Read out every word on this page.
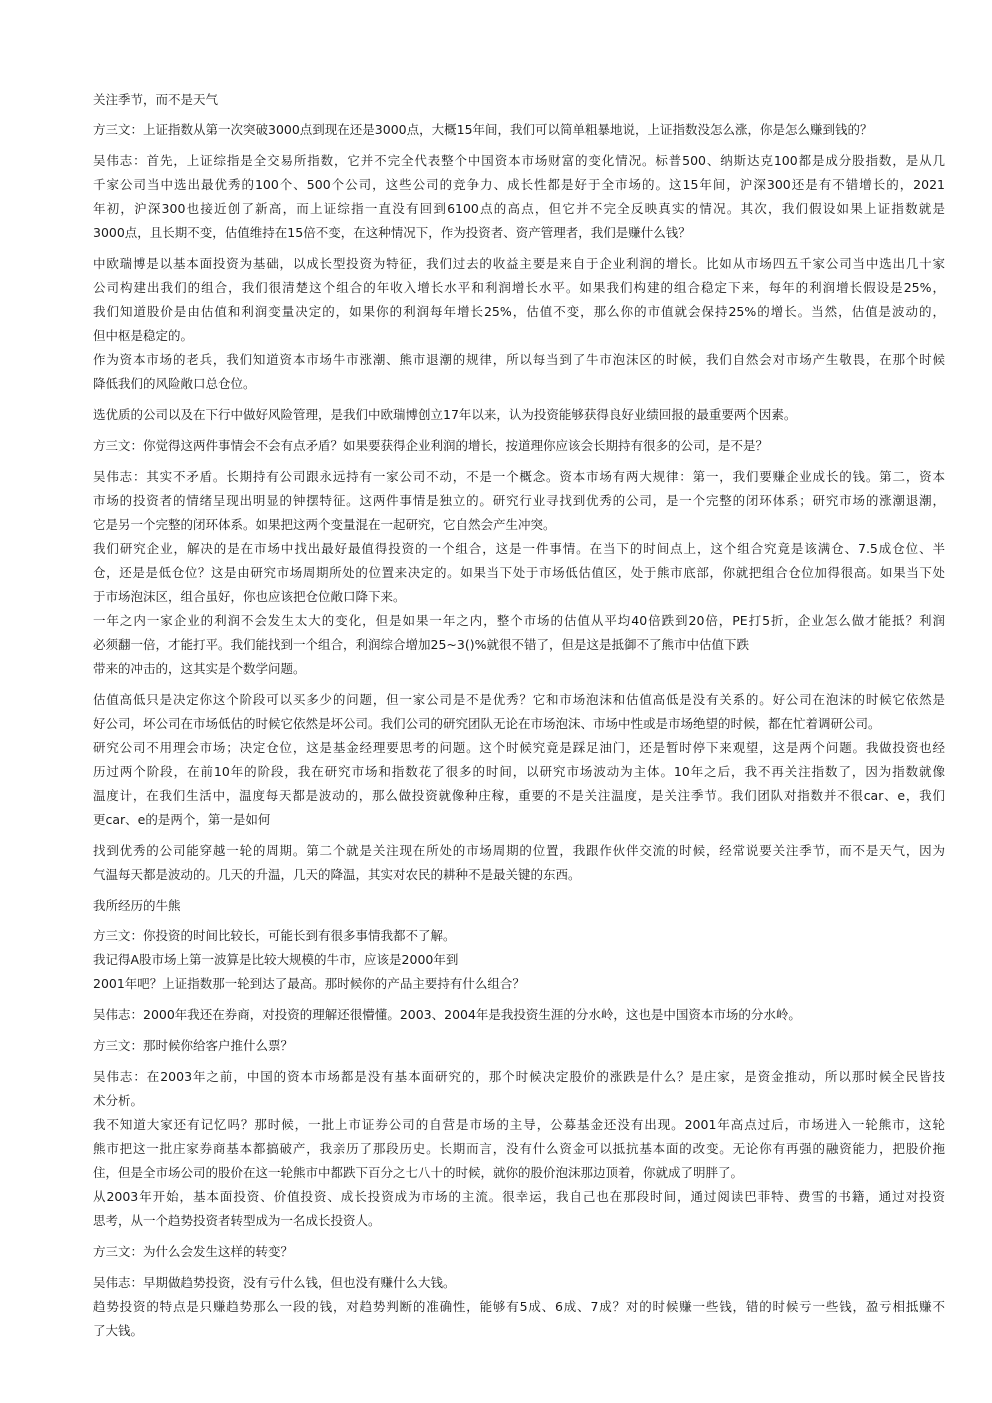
关注季节，而不是天气
方三文：上证指数从第一次突破3000点到现在还是3000点，大概15年间，我们可以简单粗暴地说，上证指数没怎么涨，你是怎么赚到钱的？
吴伟志：首先，上证综指是全交易所指数，它并不完全代表整个中国资本市场财富的变化情况。标普500、纳斯达克100都是成分股指数，是从几
千家公司当中选出最优秀的100个、500个公司，这些公司的竞争力、成长性都是好于全市场的。这15年间，沪深300还是有不错增长的，2021
年初，沪深300也接近创了新高，而上证综指一直没有回到6100点的高点，但它并不完全反映真实的情况。其次，我们假设如果上证指数就是
3000点，且长期不变，估值维持在15倍不变，在这种情况下，作为投资者、资产管理者，我们是赚什么钱？
中欧瑞博是以基本面投资为基础，以成长型投资为特征，我们过去的收益主要是来自于企业利润的增长。比如从市场四五千家公司当中选出几十家
公司构建出我们的组合，我们很清楚这个组合的年收入增长水平和利润增长水平。如果我们构建的组合稳定下来，每年的利润增长假设是25%，
我们知道股价是由估值和利润变量决定的，如果你的利润每年增长25%，估值不变，那么你的市值就会保持25%的增长。当然，估值是波动的，
但中枢是稳定的。
作为资本市场的老兵，我们知道资本市场牛市涨潮、熊市退潮的规律，所以每当到了牛市泡沫区的时候，我们自然会对市场产生敬畏，在那个时候
降低我们的风险敞口总仓位。
选优质的公司以及在下行中做好风险管理，是我们中欧瑞博创立17年以来，认为投资能够获得良好业绩回报的最重要两个因素。
方三文：你觉得这两件事情会不会有点矛盾？如果要获得企业利润的增长，按道理你应该会长期持有很多的公司，是不是？
吴伟志：其实不矛盾。长期持有公司跟永远持有一家公司不动，不是一个概念。资本市场有两大规律：第一，我们要赚企业成长的钱。第二，资本
市场的投资者的情绪呈现出明显的钟摆特征。这两件事情是独立的。研究行业寻找到优秀的公司，是一个完整的闭环体系；研究市场的涨潮退潮，
它是另一个完整的闭环体系。如果把这两个变量混在一起研究，它自然会产生冲突。
我们研究企业，解决的是在市场中找出最好最值得投资的一个组合，这是一件事情。在当下的时间点上，这个组合究竟是该满仓、7.5成仓位、半
仓，还是是低仓位？这是由研究市场周期所处的位置来决定的。如果当下处于市场低估值区，处于熊市底部，你就把组合仓位加得很高。如果当下处
于市场泡沫区，组合虽好，你也应该把仓位敞口降下来。
一年之内一家企业的利润不会发生太大的变化，但是如果一年之内，整个市场的估值从平均40倍跌到20倍，PE打5折，企业怎么做才能抵？利润
必须翻一倍，才能打平。我们能找到一个组合，利润综合增加25~3()%就很不错了，但是这是抵御不了熊市中估值下跌
带来的冲击的，这其实是个数学问题。
估值高低只是决定你这个阶段可以买多少的问题，但一家公司是不是优秀？它和市场泡沫和估值高低是没有关系的。好公司在泡沫的时候它依然是
好公司，坏公司在市场低估的时候它依然是坏公司。我们公司的研究团队无论在市场泡沫、市场中性或是市场绝望的时候，都在忙着调研公司。
研究公司不用理会市场；决定仓位，这是基金经理要思考的问题。这个时候究竟是踩足油门，还是暂时停下来观望，这是两个问题。我做投资也经
历过两个阶段，在前10年的阶段，我在研究市场和指数花了很多的时间，以研究市场波动为主体。10年之后，我不再关注指数了，因为指数就像
温度计，在我们生活中，温度每天都是波动的，那么做投资就像种庄稼，重要的不是关注温度，是关注季节。我们团队对指数并不很car、e，我们
更car、e的是两个，第一是如何
找到优秀的公司能穿越一轮的周期。第二个就是关注现在所处的市场周期的位置，我跟作伙伴交流的时候，经常说要关注季节，而不是天气，因为
气温每天都是波动的。几天的升温，几天的降温，其实对农民的耕种不是最关键的东西。
我所经历的牛熊
方三文：你投资的时间比较长，可能长到有很多事情我都不了解。
我记得A股市场上第一波算是比较大规模的牛市，应该是2000年到
2001年吧？上证指数那一轮到达了最高。那时候你的产品主要持有什么组合？
吴伟志：2000年我还在券商，对投资的理解还很懵懂。2003、2004年是我投资生涯的分水岭，这也是中国资本市场的分水岭。
方三文：那时候你给客户推什么票？
吴伟志：在2003年之前，中国的资本市场都是没有基本面研究的，那个时候决定股价的涨跌是什么？是庄家，是资金推动，所以那时候全民皆技
术分析。
我不知道大家还有记忆吗？那时候，一批上市证券公司的自营是市场的主导，公募基金还没有出现。2001年高点过后，市场进入一轮熊市，这轮
熊市把这一批庄家券商基本都搞破产，我亲历了那段历史。长期而言，没有什么资金可以抵抗基本面的改变。无论你有再强的融资能力，把股价拖
住，但是全市场公司的股价在这一轮熊市中都跌下百分之七八十的时候，就你的股价泡沫那边顶着，你就成了明胖了。
从2003年开始，基本面投资、价值投资、成长投资成为市场的主流。很幸运，我自己也在那段时间，通过阅读巴菲特、费雪的书籍，通过对投资
思考，从一个趋势投资者转型成为一名成长投资人。
方三文：为什么会发生这样的转变？
吴伟志：早期做趋势投资，没有亏什么钱，但也没有赚什么大钱。
趋势投资的特点是只赚趋势那么一段的钱，对趋势判断的准确性，能够有5成、6成、7成？对的时候赚一些钱，错的时候亏一些钱，盈亏相抵赚不
了大钱。
